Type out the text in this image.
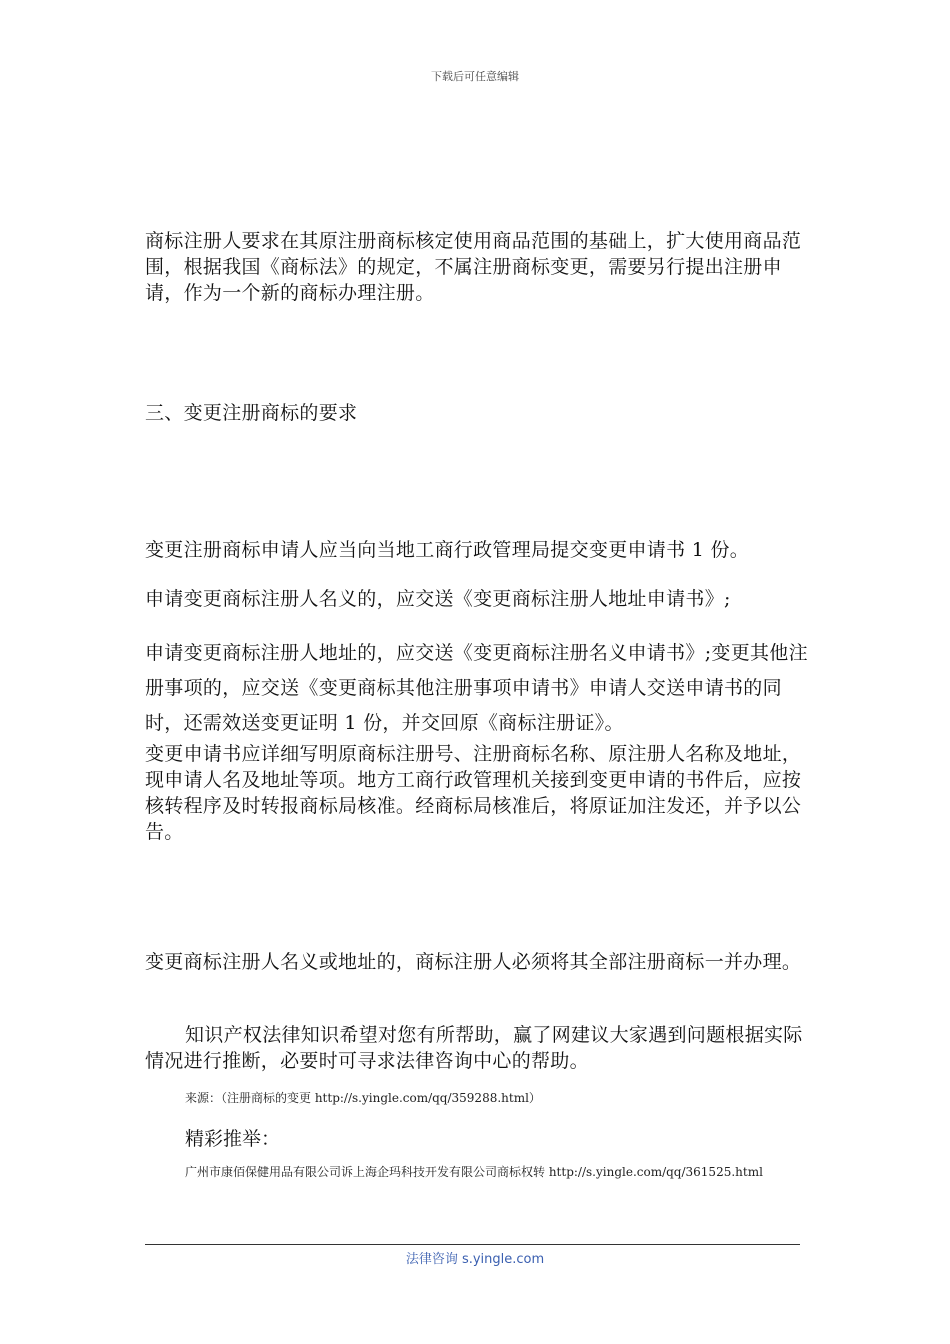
下载后可任意编辑
商标注册人要求在其原注册商标核定使用商品范围的基础上，扩大使用商品范围，根据我国《商标法》的规定，不属注册商标变更，需要另行提出注册申请，作为一个新的商标办理注册。
三、变更注册商标的要求
变更注册商标申请人应当向当地工商行政管理局提交变更申请书 1 份。
申请变更商标注册人名义的，应交送《变更商标注册人地址申请书》;
申请变更商标注册人地址的，应交送《变更商标注册名义申请书》;变更其他注册事项的，应交送《变更商标其他注册事项申请书》申请人交送申请书的同时，还需效送变更证明 1 份，并交回原《商标注册证》。
变更申请书应详细写明原商标注册号、注册商标名称、原注册人名称及地址，现申请人名及地址等项。地方工商行政管理机关接到变更申请的书件后，应按核转程序及时转报商标局核准。经商标局核准后，将原证加注发还，并予以公告。
变更商标注册人名义或地址的，商标注册人必须将其全部注册商标一并办理。
知识产权法律知识希望对您有所帮助，赢了网建议大家遇到问题根据实际情况进行推断，必要时可寻求法律咨询中心的帮助。
来源：（注册商标的变更 http://s.yingle.com/qq/359288.html）
精彩推举：
广州市康佰保健用品有限公司诉上海企玛科技开发有限公司商标权转 http://s.yingle.com/qq/361525.html
法律咨询 s.yingle.com
